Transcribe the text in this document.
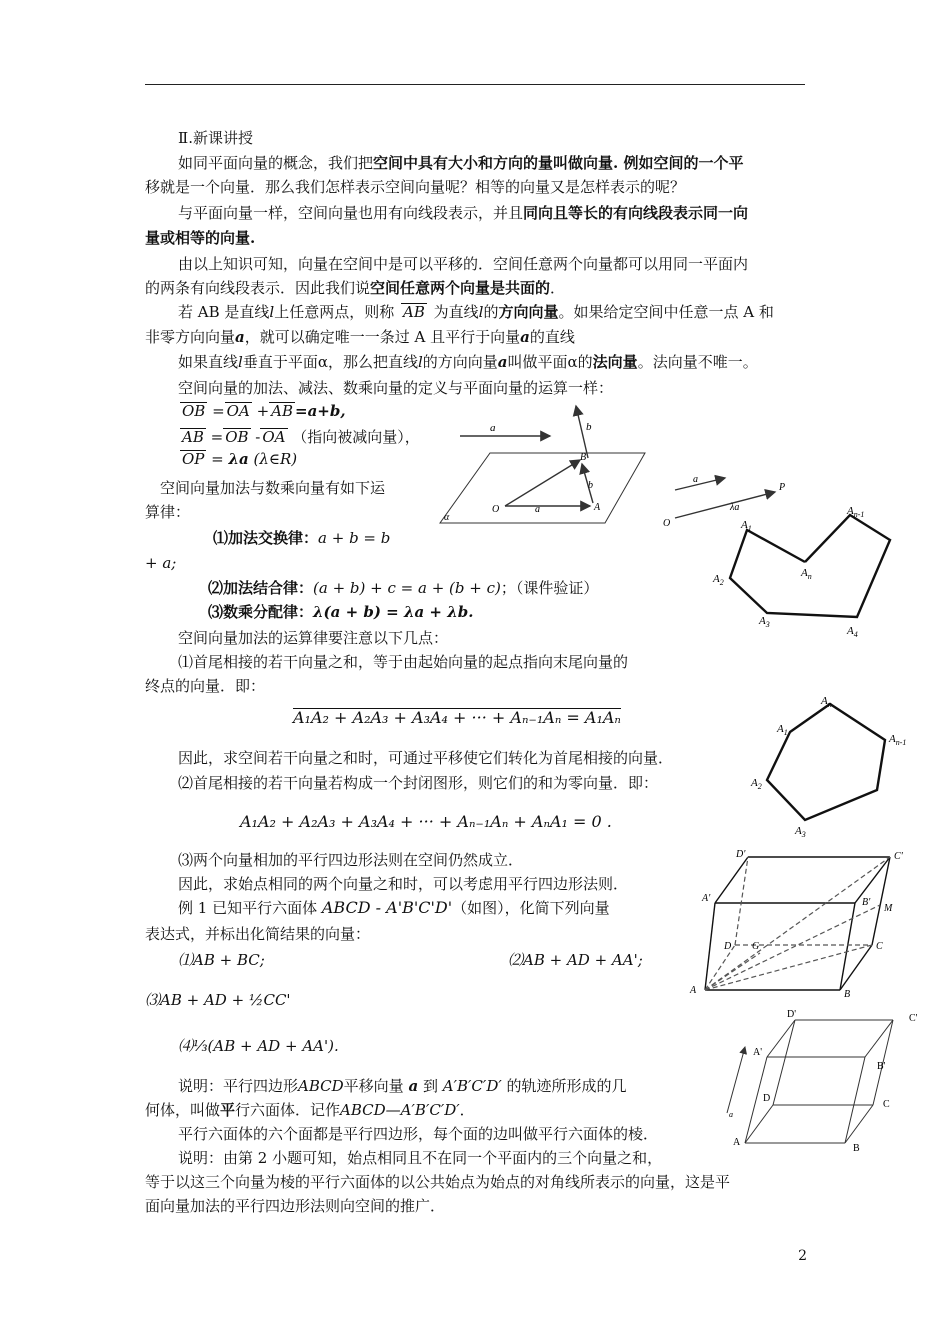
Ⅱ.新课讲授
如同平面向量的概念，我们把空间中具有大小和方向的量叫做向量. 例如空间的一个平
移就是一个向量．那么我们怎样表示空间向量呢？相等的向量又是怎样表示的呢？
与平面向量一样，空间向量也用有向线段表示，并且同向且等长的有向线段表示同一向
量或相等的向量.
由以上知识可知，向量在空间中是可以平移的．空间任意两个向量都可以用同一平面内
的两条有向线段表示．因此我们说空间任意两个向量是共面的．
若 AB 是直线l上任意两点，则称 AB 为直线l的方向向量。如果给定空间中任意一点 A 和
非零方向向量a，就可以确定唯一一条过 A 且平行于向量a的直线
如果直线l垂直于平面α，那么把直线l的方向向量a叫做平面α的法向量。法向量不唯一。
空间向量的加法、减法、数乘向量的定义与平面向量的运算一样：
OB = OA + AB =a+b,
AB = OB - OA （指向被减向量），
OP = λa (λ∈R)
空间向量加法与数乘向量有如下运
算律：
⑴加法交换律：a + b = b
+ a;
⑵加法结合律：(a + b) + c = a + (b + c)；（课件验证）
⑶数乘分配律：λ(a + b) = λa + λb.
空间向量加法的运算律要注意以下几点：
⑴首尾相接的若干向量之和，等于由起始向量的起点指向末尾向量的
终点的向量．即：
A₁A₂ + A₂A₃ + A₃A₄ + ··· + Aₙ₋₁Aₙ = A₁Aₙ
因此，求空间若干向量之和时，可通过平移使它们转化为首尾相接的向量．
⑵首尾相接的若干向量若构成一个封闭图形，则它们的和为零向量．即：
A₁A₂ + A₂A₃ + A₃A₄ + ··· + Aₙ₋₁Aₙ + AₙA₁ = 0 .
⑶两个向量相加的平行四边形法则在空间仍然成立．
因此，求始点相同的两个向量之和时，可以考虑用平行四边形法则．
例 1 已知平行六面体 ABCD - A'B'C'D'（如图），化简下列向量
表达式，并标出化简结果的向量：
⑴AB + BC;	⑵AB + AD + AA';
⑶AB + AD + ½CC'
⑷⅓(AB + AD + AA').
说明：平行四边形ABCD平移向量 a 到 A′B′C′D′ 的轨迹所形成的几
何体，叫做平行六面体．记作ABCD—A′B′C′D′．
平行六面体的六个面都是平行四边形，每个面的边叫做平行六面体的棱．
说明：由第 2 小题可知，始点相同且不在同一个平面内的三个向量之和，
等于以这三个向量为棱的平行六面体的以公共始点为始点的对角线所表示的向量，这是平
面向量加法的平行四边形法则向空间的推广．
2
a	b
α
O	A
B
a
b
a
O
P
λa
$A_1$
$A_2$
$A_3$
$A_4$
$A_n$
$A_{n-1}$
$A_1$
$A_2$
$A_3$
$A_n$
$A_{n-1}$
D'	C'
A'	B'
M
G
D	C
A	B
D'	C'
A'
B'
D
C
A
B
a
